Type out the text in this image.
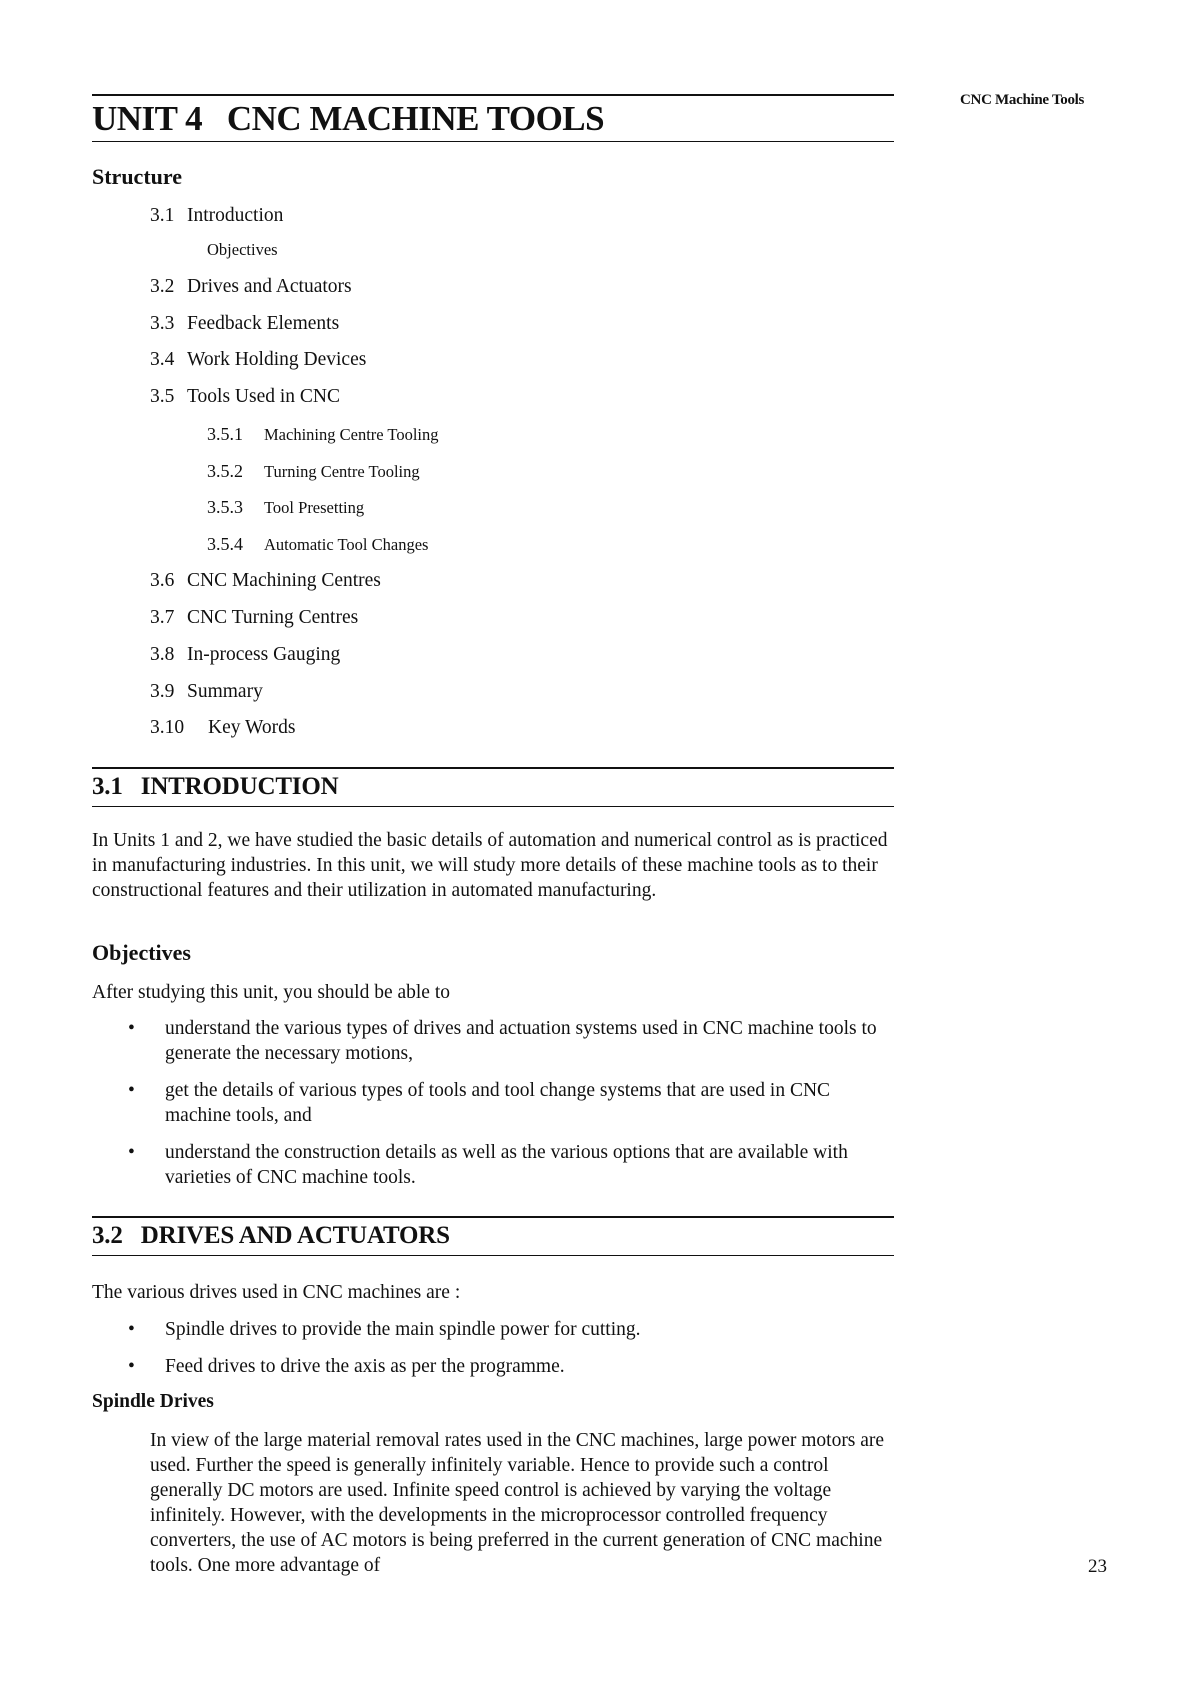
CNC Machine Tools
UNIT 4   CNC MACHINE TOOLS
Structure
3.1 Introduction
Objectives
3.2 Drives and Actuators
3.3 Feedback Elements
3.4 Work Holding Devices
3.5 Tools Used in CNC
3.5.1 Machining Centre Tooling
3.5.2 Turning Centre Tooling
3.5.3 Tool Presetting
3.5.4 Automatic Tool Changes
3.6 CNC Machining Centres
3.7 CNC Turning Centres
3.8 In-process Gauging
3.9 Summary
3.10 Key Words
3.1   INTRODUCTION

In Units 1 and 2, we have studied the basic details of automation and numerical control as is practiced in manufacturing industries. In this unit, we will study more details of these machine tools as to their constructional features and their utilization in automated manufacturing.

Objectives

After studying this unit, you should be able to

•	understand the various types of drives and actuation systems used in CNC machine tools to generate the necessary motions,
•	get the details of various types of tools and tool change systems that are used in CNC machine tools, and
•	understand the construction details as well as the various options that are available with varieties of CNC machine tools.
3.2   DRIVES AND ACTUATORS

The various drives used in CNC machines are :

•	Spindle drives to provide the main spindle power for cutting.
•	Feed drives to drive the axis as per the programme.
Spindle Drives

In view of the large material removal rates used in the CNC machines, large power motors are used. Further the speed is generally infinitely variable. Hence to provide such a control generally DC motors are used. Infinite speed control is achieved by varying the voltage infinitely. However, with the developments in the microprocessor controlled frequency converters, the use of AC motors is being preferred in the current generation of CNC machine tools. One more advantage of	23
